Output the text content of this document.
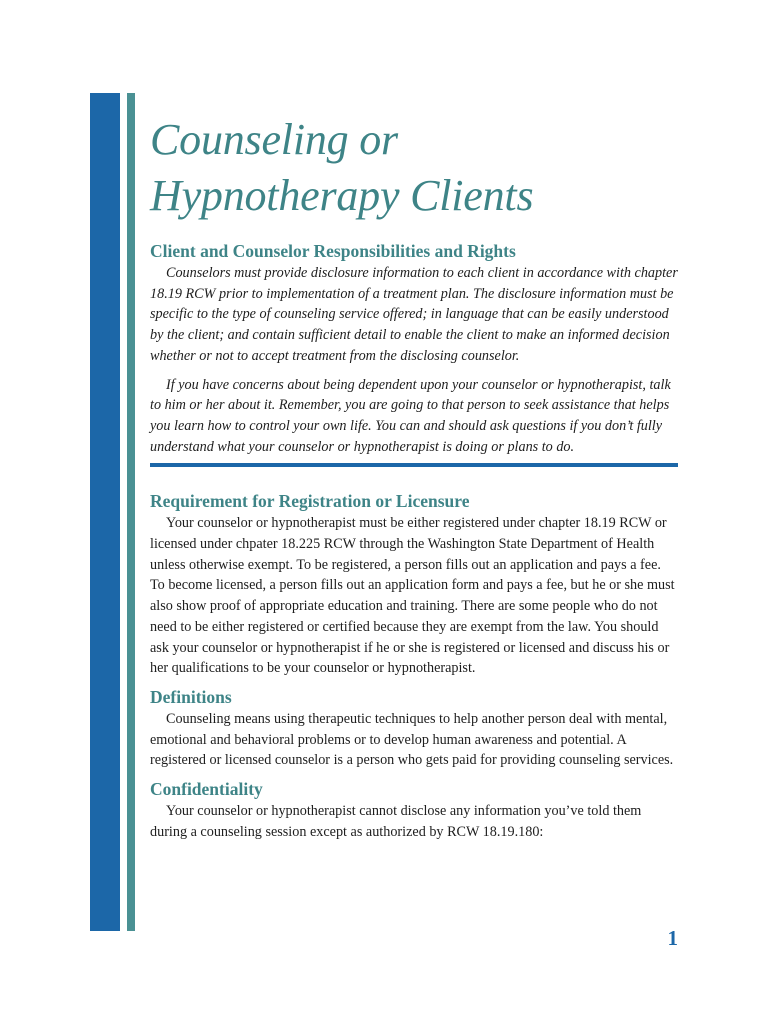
Counseling or
Hypnotherapy Clients
Client and Counselor Responsibilities and Rights

Counselors must provide disclosure information to each client in accordance with chapter 18.19 RCW prior to implementation of a treatment plan. The disclosure information must be specific to the type of counseling service offered; in language that can be easily understood by the client; and contain sufficient detail to enable the client to make an informed decision whether or not to accept treatment from the disclosing counselor.

If you have concerns about being dependent upon your counselor or hypnotherapist, talk to him or her about it. Remember, you are going to that person to seek assistance that helps you learn how to control your own life. You can and should ask questions if you don’t fully understand what your counselor or hypnotherapist is doing or plans to do.

Requirement for Registration or Licensure

Your counselor or hypnotherapist must be either registered under chapter 18.19 RCW or licensed under chpater 18.225 RCW through the Washington State Department of Health unless otherwise exempt. To be registered, a person fills out an application and pays a fee. To become licensed, a person fills out an application form and pays a fee, but he or she must also show proof of appropriate education and training. There are some people who do not need to be either registered or certified because they are exempt from the law. You should ask your counselor or hypnotherapist if he or she is registered or licensed and discuss his or her qualifications to be your counselor or hypnotherapist.

Definitions

Counseling means using therapeutic techniques to help another person deal with mental, emotional and behavioral problems or to develop human awareness and potential. A registered or licensed counselor is a person who gets paid for providing counseling services.

Confidentiality

Your counselor or hypnotherapist cannot disclose any information you’ve told them during a counseling session except as authorized by RCW 18.19.180:

1
